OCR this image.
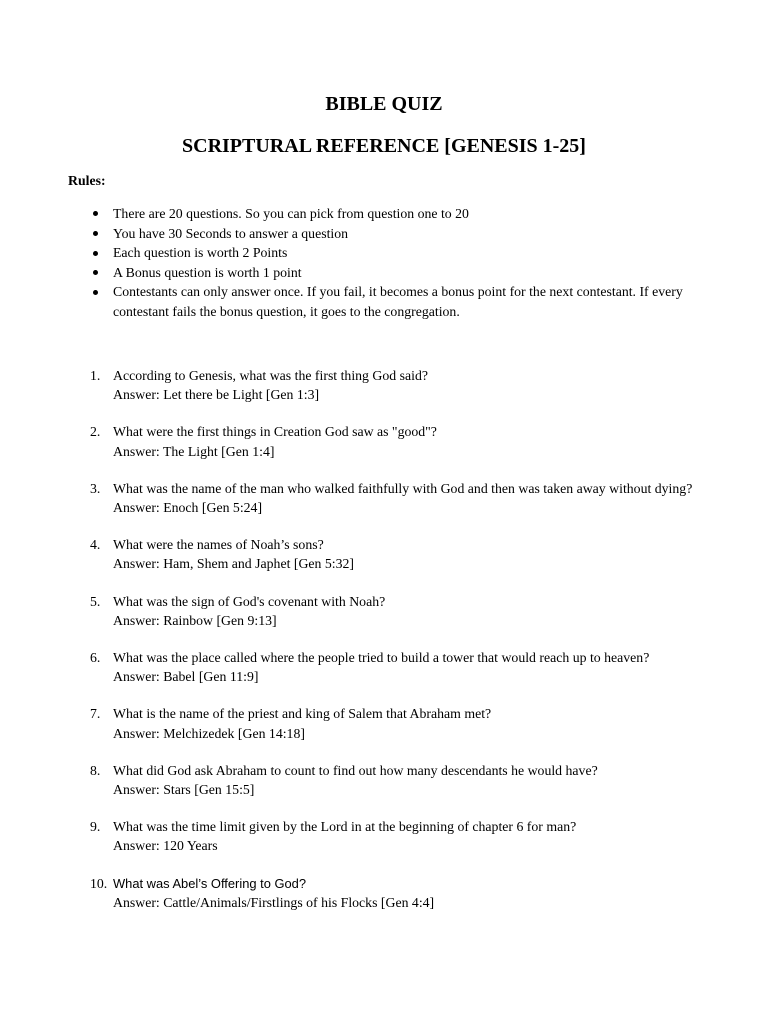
BIBLE QUIZ
SCRIPTURAL REFERENCE [GENESIS 1-25]
Rules:
There are 20 questions. So you can pick from question one to 20
You have 30 Seconds to answer a question
Each question is worth 2 Points
A Bonus question is worth 1 point
Contestants can only answer once. If you fail, it becomes a bonus point for the next contestant. If every contestant fails the bonus question, it goes to the congregation.
1. According to Genesis, what was the first thing God said?
Answer: Let there be Light [Gen 1:3]
2. What were the first things in Creation God saw as "good"?
Answer: The Light [Gen 1:4]
3. What was the name of the man who walked faithfully with God and then was taken away without dying?
Answer: Enoch [Gen 5:24]
4. What were the names of Noah’s sons?
Answer: Ham, Shem and Japhet [Gen 5:32]
5. What was the sign of God's covenant with Noah?
Answer: Rainbow [Gen 9:13]
6. What was the place called where the people tried to build a tower that would reach up to heaven?
Answer: Babel [Gen 11:9]
7. What is the name of the priest and king of Salem that Abraham met?
Answer: Melchizedek [Gen 14:18]
8. What did God ask Abraham to count to find out how many descendants he would have?
Answer: Stars [Gen 15:5]
9. What was the time limit given by the Lord in at the beginning of chapter 6 for man?
Answer: 120 Years
10. What was Abel’s Offering to God?
Answer: Cattle/Animals/Firstlings of his Flocks [Gen 4:4]
